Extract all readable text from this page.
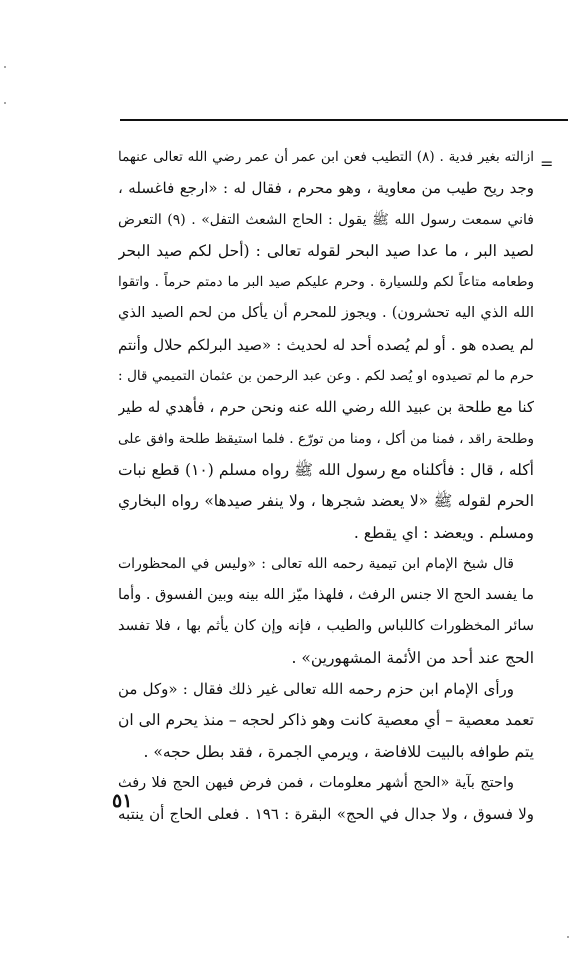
=
ازالته بغير فدية . (٨) التطيب فعن ابن عمر أن عمر رضي الله تعالى عنهما
وجد ريح طيب من معاوية ، وهو محرم ، فقال له : «ارجع فاغسله ،
فاني سمعت رسول الله ﷺ يقول : الحاج الشعث التفل» . (٩) التعرض
لصيد البر ، ما عدا صيد البحر لقوله تعالى : (أحل لكم صيد البحر
وطعامه متاعاً لكم وللسيارة . وحرم عليكم صيد البر ما دمتم حرماً . واتقوا
الله الذي اليه تحشرون) . ويجوز للمحرم أن يأكل من لحم الصيد الذي
لم يصده هو . أو لم يُصده أحد له لحديث : «صيد البرلكم حلال وأنتم
حرم ما لم تصيدوه او يُصد لكم . وعن عبد الرحمن بن عثمان التميمي قال :
كنا مع طلحة بن عبيد الله رضي الله عنه ونحن حرم ، فأهدي له طير
وطلحة راقد ، فمنا من أكل ، ومنا من تورّع . فلما استيقظ طلحة وافق على
أكله ، قال : فأكلناه مع رسول الله ﷺ رواه مسلم (١٠) قطع نبات
الحرم لقوله ﷺ «لا يعضد شجرها ، ولا ينفر صيدها» رواه البخاري
ومسلم . ويعضد : اي يقطع .
قال شيخ الإمام ابن تيمية رحمه الله تعالى : «وليس في المحظورات
ما يفسد الحج الا جنس الرفث ، فلهذا ميّز الله بينه وبين الفسوق . وأما
سائر المخظورات كاللباس والطيب ، فإنه وإن كان يأثم بها ، فلا تفسد
الحج عند أحد من الأئمة المشهورين» .
ورأى الإمام ابن حزم رحمه الله تعالى غير ذلك فقال : «وكل من
تعمد معصية – أي معصية كانت وهو ذاكر لحجه – منذ يحرم الى ان
يتم طوافه بالبيت للافاضة ، ويرمي الجمرة ، فقد بطل حجه» .
واحتج بآية «الحج أشهر معلومات ، فمن فرض فيهن الحج فلا رفث
ولا فسوق ، ولا جدال في الحج» البقرة : ١٩٦ . فعلى الحاج أن ينتبه
٥١
